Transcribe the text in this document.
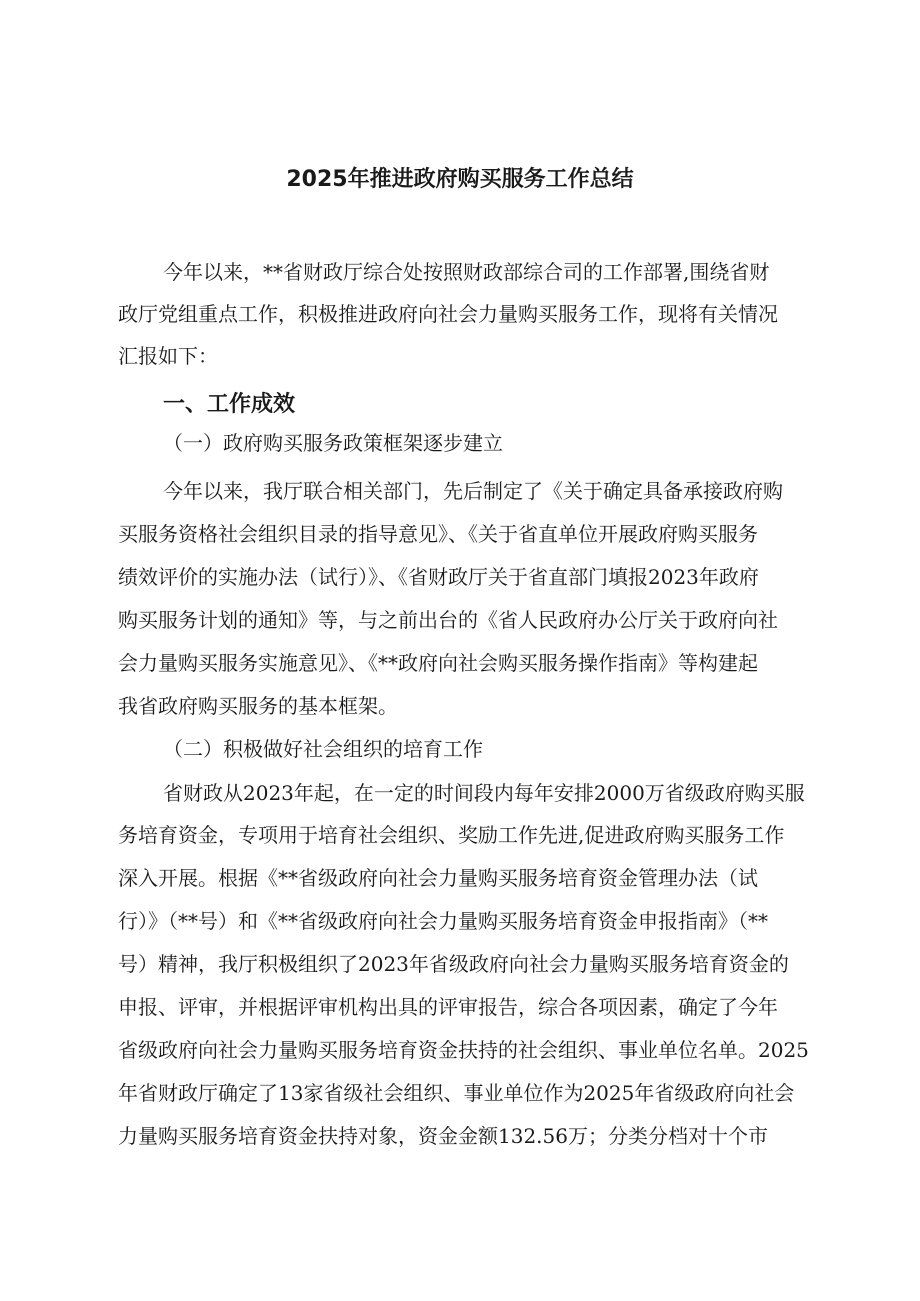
2025年推进政府购买服务工作总结
今年以来，**省财政厅综合处按照财政部综合司的工作部署,围绕省财
政厅党组重点工作，积极推进政府向社会力量购买服务工作，现将有关情况
汇报如下：
一、工作成效
（一）政府购买服务政策框架逐步建立
今年以来，我厅联合相关部门，先后制定了《关于确定具备承接政府购
买服务资格社会组织目录的指导意见》、《关于省直单位开展政府购买服务
绩效评价的实施办法（试行）》、《省财政厅关于省直部门填报2023年政府
购买服务计划的通知》等，与之前出台的《省人民政府办公厅关于政府向社
会力量购买服务实施意见》、《**政府向社会购买服务操作指南》等构建起
我省政府购买服务的基本框架。
（二）积极做好社会组织的培育工作
省财政从2023年起，在一定的时间段内每年安排2000万省级政府购买服
务培育资金，专项用于培育社会组织、奖励工作先进,促进政府购买服务工作
深入开展。根据《**省级政府向社会力量购买服务培育资金管理办法（试
行）》（**号）和《**省级政府向社会力量购买服务培育资金申报指南》（**
号）精神，我厅积极组织了2023年省级政府向社会力量购买服务培育资金的
申报、评审，并根据评审机构出具的评审报告，综合各项因素，确定了今年
省级政府向社会力量购买服务培育资金扶持的社会组织、事业单位名单。2025
年省财政厅确定了13家省级社会组织、事业单位作为2025年省级政府向社会
力量购买服务培育资金扶持对象，资金金额132.56万；分类分档对十个市
